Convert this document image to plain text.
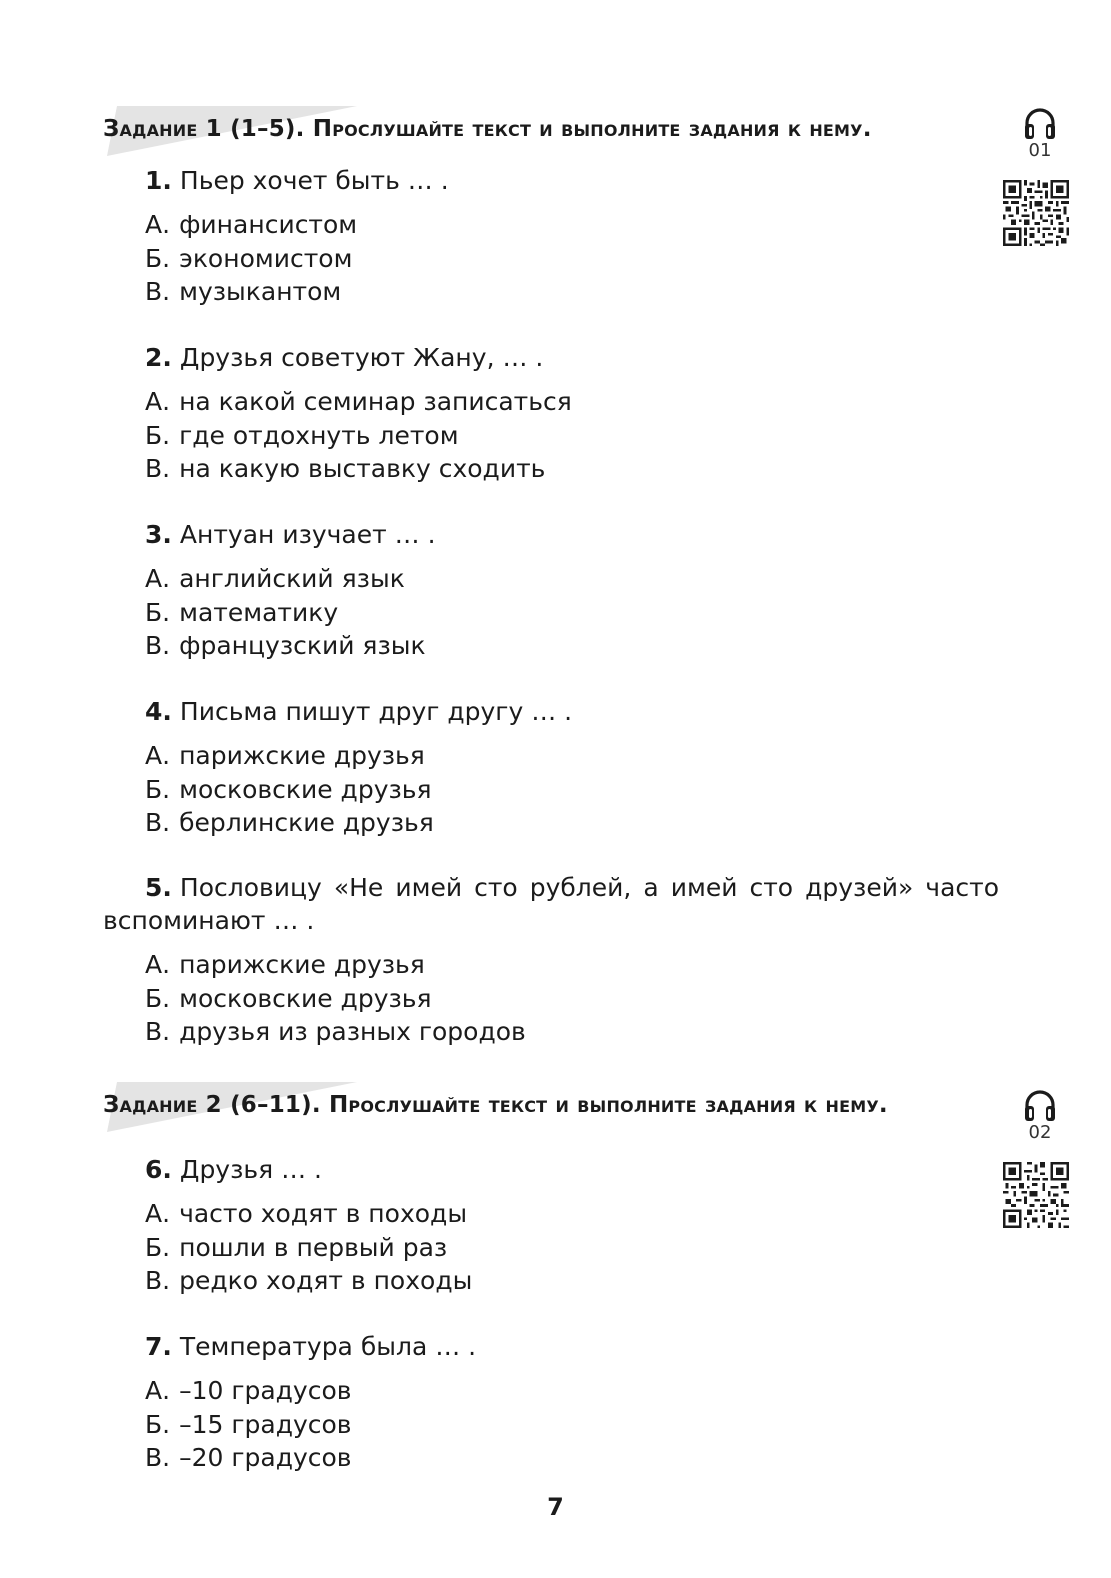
Задание 1 (1–5). Прослушайте текст и выполните задания к нему.
01
1. Пьер хочет быть … .
А. финансистом
Б. экономистом
В. музыкантом
2. Друзья советуют Жану, … .
А. на какой семинар записаться
Б. где отдохнуть летом
В. на какую выставку сходить
3. Антуан изучает … .
А. английский язык
Б. математику
В. французский язык
4. Письма пишут друг другу … .
А. парижские друзья
Б. московские друзья
В. берлинские друзья
5. Пословицу «Не имей сто рублей, а имей сто друзей» часто вспоминают … .
А. парижские друзья
Б. московские друзья
В. друзья из разных городов
Задание 2 (6–11). Прослушайте текст и выполните задания к нему.
02
6. Друзья … .
А. часто ходят в походы
Б. пошли в первый раз
В. редко ходят в походы
7. Температура была … .
А. –10 градусов
Б. –15 градусов
В. –20 градусов
7
